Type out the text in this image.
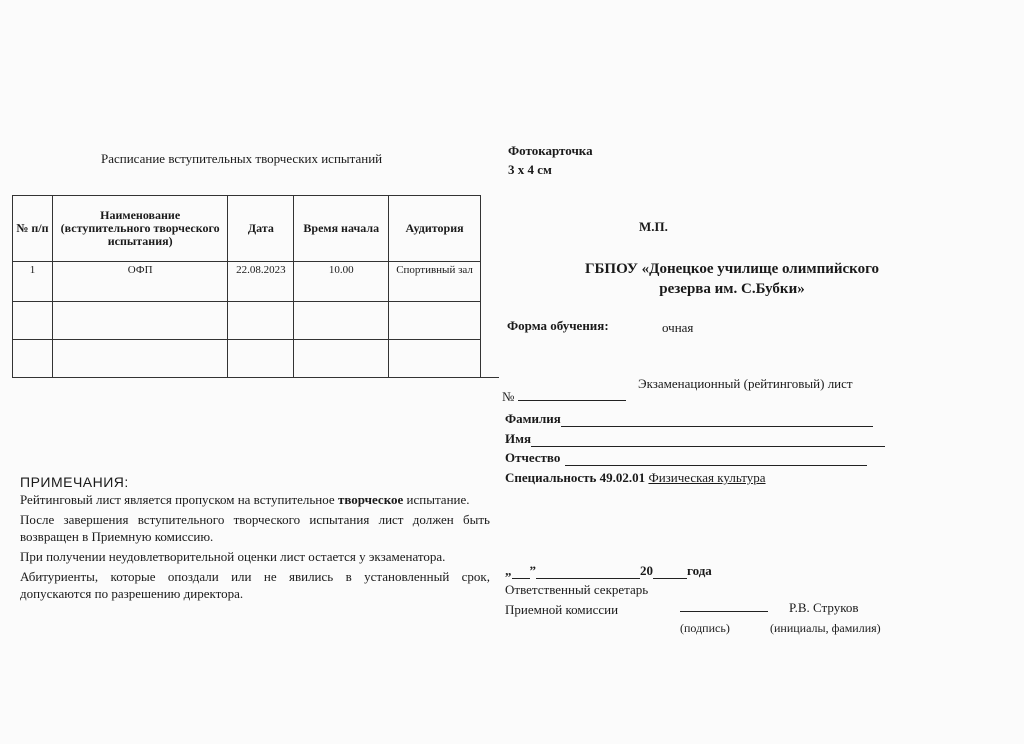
Расписание вступительных творческих испытаний
№ п/п	Наименование (вступительного творческого испытания)	Дата	Время начала	Аудитория
1	ОФП	22.08.2023	10.00	Спортивный зал

ПРИМЕЧАНИЯ:

Рейтинговый лист является пропуском на вступительное творческое испытание.

После завершения вступительного творческого испытания лист должен быть возвращен в Приемную комиссию.

При получении неудовлетворительной оценки лист остается у экзаменатора.

Абитуриенты, которые опоздали или не явились в установленный срок, допускаются по разрешению директора.

Фотокарточка
3 х 4 см
М.П.
ГБПОУ «Донецкое училище олимпийского
резерва им. С.Бубки»
Форма обучения:	очная
Экзаменационный (рейтинговый) лист
№
Фамилия
Имя
Отчество
Специальность 49.02.01 Физическая культура
„ ”	20	года
Ответственный секретарь
Приемной комиссии	Р.В. Струков
(подпись)	(инициалы, фамилия)
